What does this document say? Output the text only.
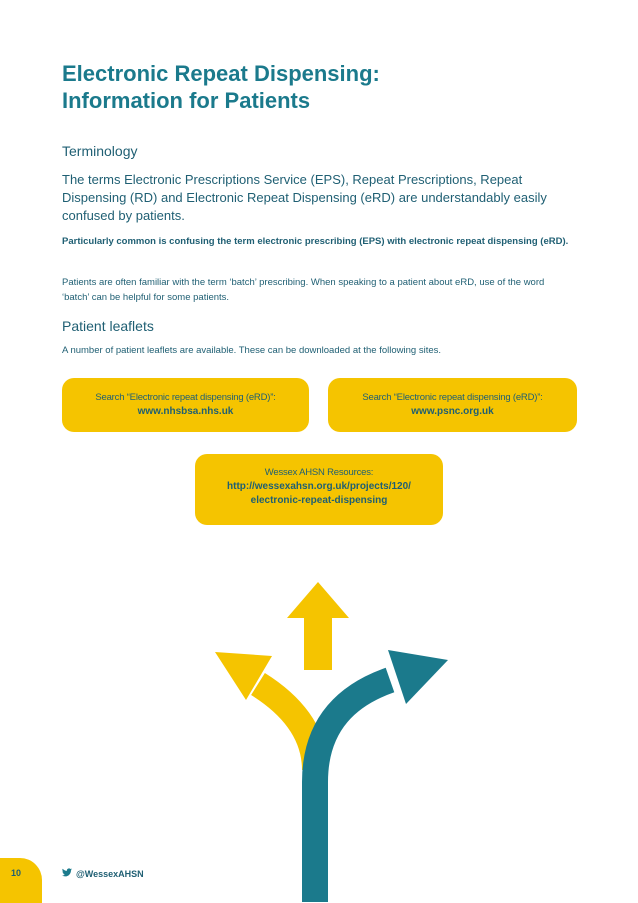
Electronic Repeat Dispensing:
Information for Patients
Terminology

The terms Electronic Prescriptions Service (EPS), Repeat Prescriptions, Repeat Dispensing (RD) and Electronic Repeat Dispensing (eRD) are understandably easily confused by patients.

Particularly common is confusing the term electronic prescribing (EPS) with electronic repeat dispensing (eRD).

Patients are often familiar with the term ‘batch’ prescribing. When speaking to a patient about eRD, use of the word ‘batch’ can be helpful for some patients.

Patient leaflets

A number of patient leaflets are available. These can be downloaded at the following sites.

Search “Electronic repeat dispensing (eRD)”:
www.nhsbsa.nhs.uk
Search “Electronic repeat dispensing (eRD)”:
www.psnc.org.uk
Wessex AHSN Resources:
http://wessexahsn.org.uk/projects/120/
electronic-repeat-dispensing
10	@WessexAHSN
